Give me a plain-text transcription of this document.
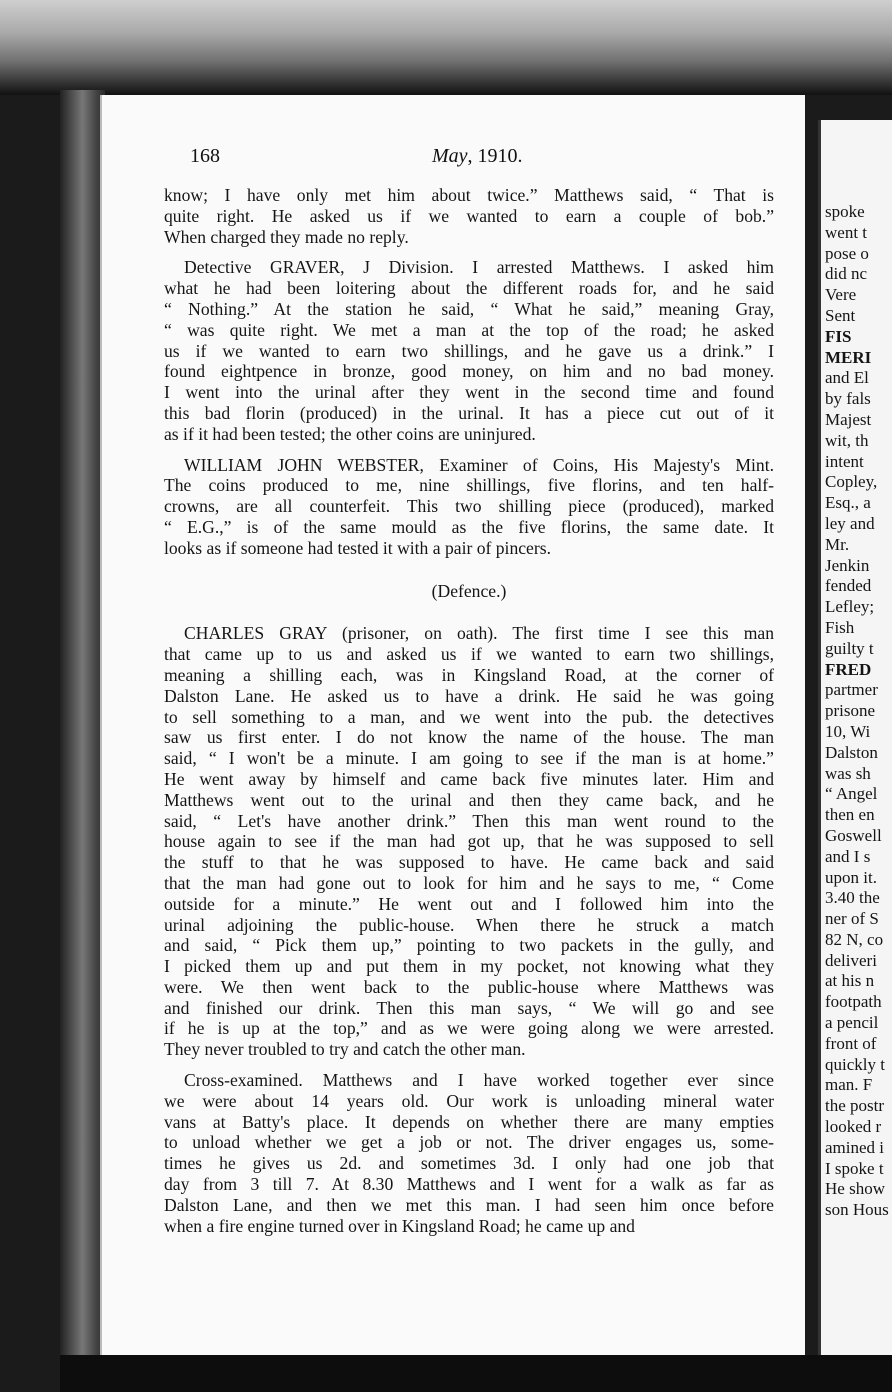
168	May, 1910.
know; I have only met him about twice.” Matthews said, “ That is
quite right. He asked us if we wanted to earn a couple of bob.”
When charged they made no reply.
Detective GRAVER, J Division. I arrested Matthews. I asked him
what he had been loitering about the different roads for, and he said
“ Nothing.” At the station he said, “ What he said,” meaning Gray,
“ was quite right. We met a man at the top of the road; he asked
us if we wanted to earn two shillings, and he gave us a drink.” I
found eightpence in bronze, good money, on him and no bad money.
I went into the urinal after they went in the second time and found
this bad florin (produced) in the urinal. It has a piece cut out of it
as if it had been tested; the other coins are uninjured.
WILLIAM JOHN WEBSTER, Examiner of Coins, His Majesty's Mint.
The coins produced to me, nine shillings, five florins, and ten half-
crowns, are all counterfeit. This two shilling piece (produced), marked
“ E.G.,” is of the same mould as the five florins, the same date. It
looks as if someone had tested it with a pair of pincers.
(Defence.)
CHARLES GRAY (prisoner, on oath). The first time I see this man
that came up to us and asked us if we wanted to earn two shillings,
meaning a shilling each, was in Kingsland Road, at the corner of
Dalston Lane. He asked us to have a drink. He said he was going
to sell something to a man, and we went into the pub. the detectives
saw us first enter. I do not know the name of the house. The man
said, “ I won't be a minute. I am going to see if the man is at home.”
He went away by himself and came back five minutes later. Him and
Matthews went out to the urinal and then they came back, and he
said, “ Let's have another drink.” Then this man went round to the
house again to see if the man had got up, that he was supposed to sell
the stuff to that he was supposed to have. He came back and said
that the man had gone out to look for him and he says to me, “ Come
outside for a minute.” He went out and I followed him into the
urinal adjoining the public-house. When there he struck a match
and said, “ Pick them up,” pointing to two packets in the gully, and
I picked them up and put them in my pocket, not knowing what they
were. We then went back to the public-house where Matthews was
and finished our drink. Then this man says, “ We will go and see
if he is up at the top,” and as we were going along we were arrested.
They never troubled to try and catch the other man.
Cross-examined. Matthews and I have worked together ever since
we were about 14 years old. Our work is unloading mineral water
vans at Batty's place. It depends on whether there are many empties
to unload whether we get a job or not. The driver engages us, some-
times he gives us 2d. and sometimes 3d. I only had one job that
day from 3 till 7. At 8.30 Matthews and I went for a walk as far as
Dalston Lane, and then we met this man. I had seen him once before
when a fire engine turned over in Kingsland Road; he came up and
spoke
went t
pose o
did nc
Vere
Sent
FIS
MERI
and El
by fals
Majest
wit, th
intent
Copley,
Esq., a
ley and
Mr.
Jenkin
fended
Lefley;
Fish
guilty t
FRED
partmer
prisone
10, Wi
Dalston
was sh
“ Angel
then en
Goswell
and I s
upon it.
3.40 the
ner of S
82 N, co
deliveri
at his n
footpath
a pencil
front of
quickly t
man. F
the postr
looked r
amined i
I spoke t
He show
son Hous
